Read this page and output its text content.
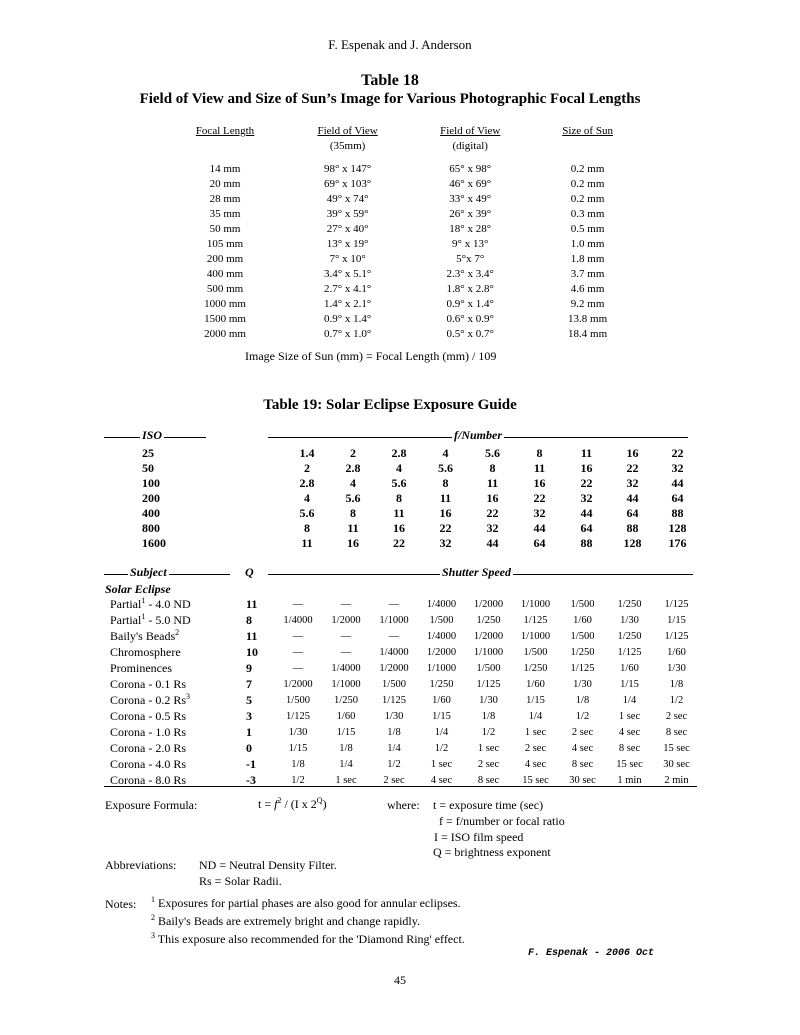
F. Espenak and J. Anderson
Table 18
Field of View and Size of Sun’s Image for Various Photographic Focal Lengths
Focal Length	Field of View	Field of View	Size of Sun
	(35mm)	(digital)	

14 mm	98° x 147°	65° x 98°	0.2 mm
20 mm	69° x 103°	46° x 69°	0.2 mm
28 mm	49° x 74°	33° x 49°	0.2 mm
35 mm	39° x 59°	26° x 39°	0.3 mm
50 mm	27° x 40°	18° x 28°	0.5 mm
105 mm	13° x 19°	9° x 13°	1.0 mm
200 mm	7° x 10°	5°x 7°	1.8 mm
400 mm	3.4° x 5.1°	2.3° x 3.4°	3.7 mm
500 mm	2.7° x 4.1°	1.8° x 2.8°	4.6 mm
1000 mm	1.4° x 2.1°	0.9° x 1.4°	9.2 mm
1500 mm	0.9° x 1.4°	0.6° x 0.9°	13.8 mm
2000 mm	0.7° x 1.0°	0.5° x 0.7°	18.4 mm
Image Size of Sun (mm) = Focal Length (mm) / 109
Table 19: Solar Eclipse Exposure Guide
ISO	f/Number
25		1.4	2	2.8	4	5.6	8	11	16	22
50		2	2.8	4	5.6	8	11	16	22	32
100		2.8	4	5.6	8	11	16	22	32	44
200		4	5.6	8	11	16	22	32	44	64
400		5.6	8	11	16	22	32	44	64	88
800		8	11	16	22	32	44	64	88	128
1600		11	16	22	32	44	64	88	128	176
Subject	Q	Shutter Speed
Solar Eclipse
Partial$^1$ - 4.0 ND	11	—	—	—	1/4000	1/2000	1/1000	1/500	1/250	1/125
Partial$^1$ - 5.0 ND	8	1/4000	1/2000	1/1000	1/500	1/250	1/125	1/60	1/30	1/15
Baily's Beads$^2$	11	—	—	—	1/4000	1/2000	1/1000	1/500	1/250	1/125
Chromosphere	10	—	—	1/4000	1/2000	1/1000	1/500	1/250	1/125	1/60
Prominences	9	—	1/4000	1/2000	1/1000	1/500	1/250	1/125	1/60	1/30
Corona - 0.1 Rs	7	1/2000	1/1000	1/500	1/250	1/125	1/60	1/30	1/15	1/8
Corona - 0.2 Rs$^3$	5	1/500	1/250	1/125	1/60	1/30	1/15	1/8	1/4	1/2
Corona - 0.5 Rs	3	1/125	1/60	1/30	1/15	1/8	1/4	1/2	1 sec	2 sec
Corona - 1.0 Rs	1	1/30	1/15	1/8	1/4	1/2	1 sec	2 sec	4 sec	8 sec
Corona - 2.0 Rs	0	1/15	1/8	1/4	1/2	1 sec	2 sec	4 sec	8 sec	15 sec
Corona - 4.0 Rs	-1	1/8	1/4	1/2	1 sec	2 sec	4 sec	8 sec	15 sec	30 sec
Corona - 8.0 Rs	-3	1/2	1 sec	2 sec	4 sec	8 sec	15 sec	30 sec	1 min	2 min
Exposure Formula:	$t = f^2 / (I$ x $2^Q$)	where: t = exposure time (sec)
f = f/number or focal ratio
I = ISO film speed
Q = brightness exponent
Abbreviations: ND = Neutral Density Filter.
Rs = Solar Radii.
Notes: $^1$ Exposures for partial phases are also good for annular eclipses.
$^2$ Baily's Beads are extremely bright and change rapidly.
$^3$ This exposure also recommended for the 'Diamond Ring' effect.
F. Espenak - 2006 Oct
45
